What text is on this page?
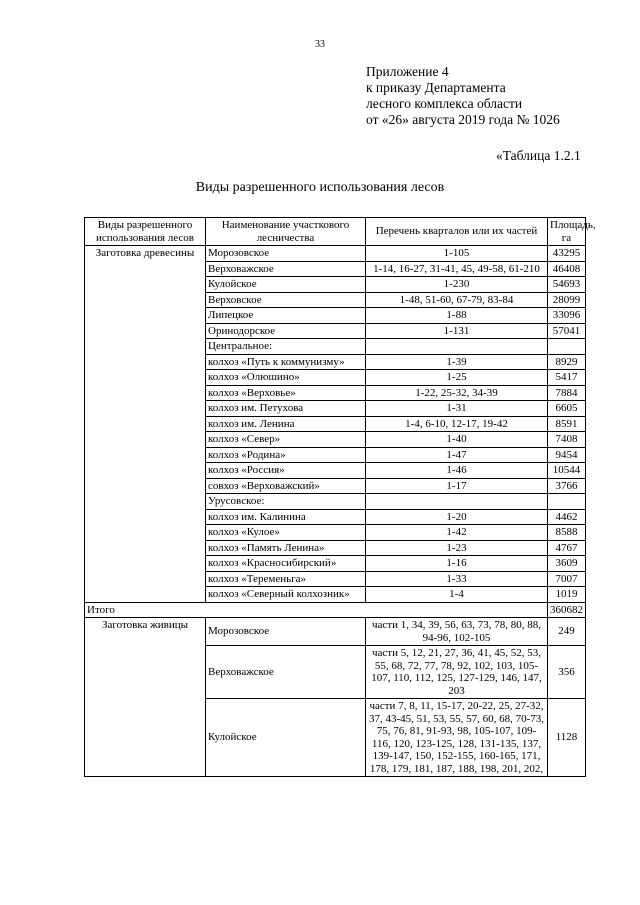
33
Приложение 4
к приказу Департамента
лесного комплекса области
от «26» августа 2019 года № 1026
«Таблица 1.2.1
Виды разрешенного использования лесов
Виды разрешенного использования лесов	Наименование участкового лесничества	Перечень кварталов или их частей	Площадь, га
Заготовка древесины	Морозовское	1-105	43295
	Верховажское	1-14, 16-27, 31-41, 45, 49-58, 61-210	46408
	Кулойское	1-230	54693
	Верховское	1-48, 51-60, 67-79, 83-84	28099
	Липецкое	1-88	33096
	Оринодорское	1-131	57041
	Центральное:		
	колхоз «Путь к коммунизму»	1-39	8929
	колхоз «Олюшино»	1-25	5417
	колхоз «Верховье»	1-22, 25-32, 34-39	7884
	колхоз им. Петухова	1-31	6605
	колхоз им. Ленина	1-4, 6-10, 12-17, 19-42	8591
	колхоз «Север»	1-40	7408
	колхоз «Родина»	1-47	9454
	колхоз «Россия»	1-46	10544
	совхоз «Верховажский»	1-17	3766
	Урусовское:		
	колхоз им. Калинина	1-20	4462
	колхоз «Кулое»	1-42	8588
	колхоз «Память Ленина»	1-23	4767
	колхоз «Красносибирский»	1-16	3609
	колхоз «Теременьга»	1-33	7007
	колхоз «Северный колхозник»	1-4	1019
Итого			360682
Заготовка живицы	Морозовское	части 1, 34, 39, 56, 63, 73, 78, 80, 88, 94-96, 102-105	249
	Верховажское	части 5, 12, 21, 27, 36, 41, 45, 52, 53, 55, 68, 72, 77, 78, 92, 102, 103, 105-107, 110, 112, 125, 127-129, 146, 147, 203	356
	Кулойское	части 7, 8, 11, 15-17, 20-22, 25, 27-32, 37, 43-45, 51, 53, 55, 57, 60, 68, 70-73, 75, 76, 81, 91-93, 98, 105-107, 109-116, 120, 123-125, 128, 131-135, 137, 139-147, 150, 152-155, 160-165, 171, 178, 179, 181, 187, 188, 198, 201, 202,	1128
